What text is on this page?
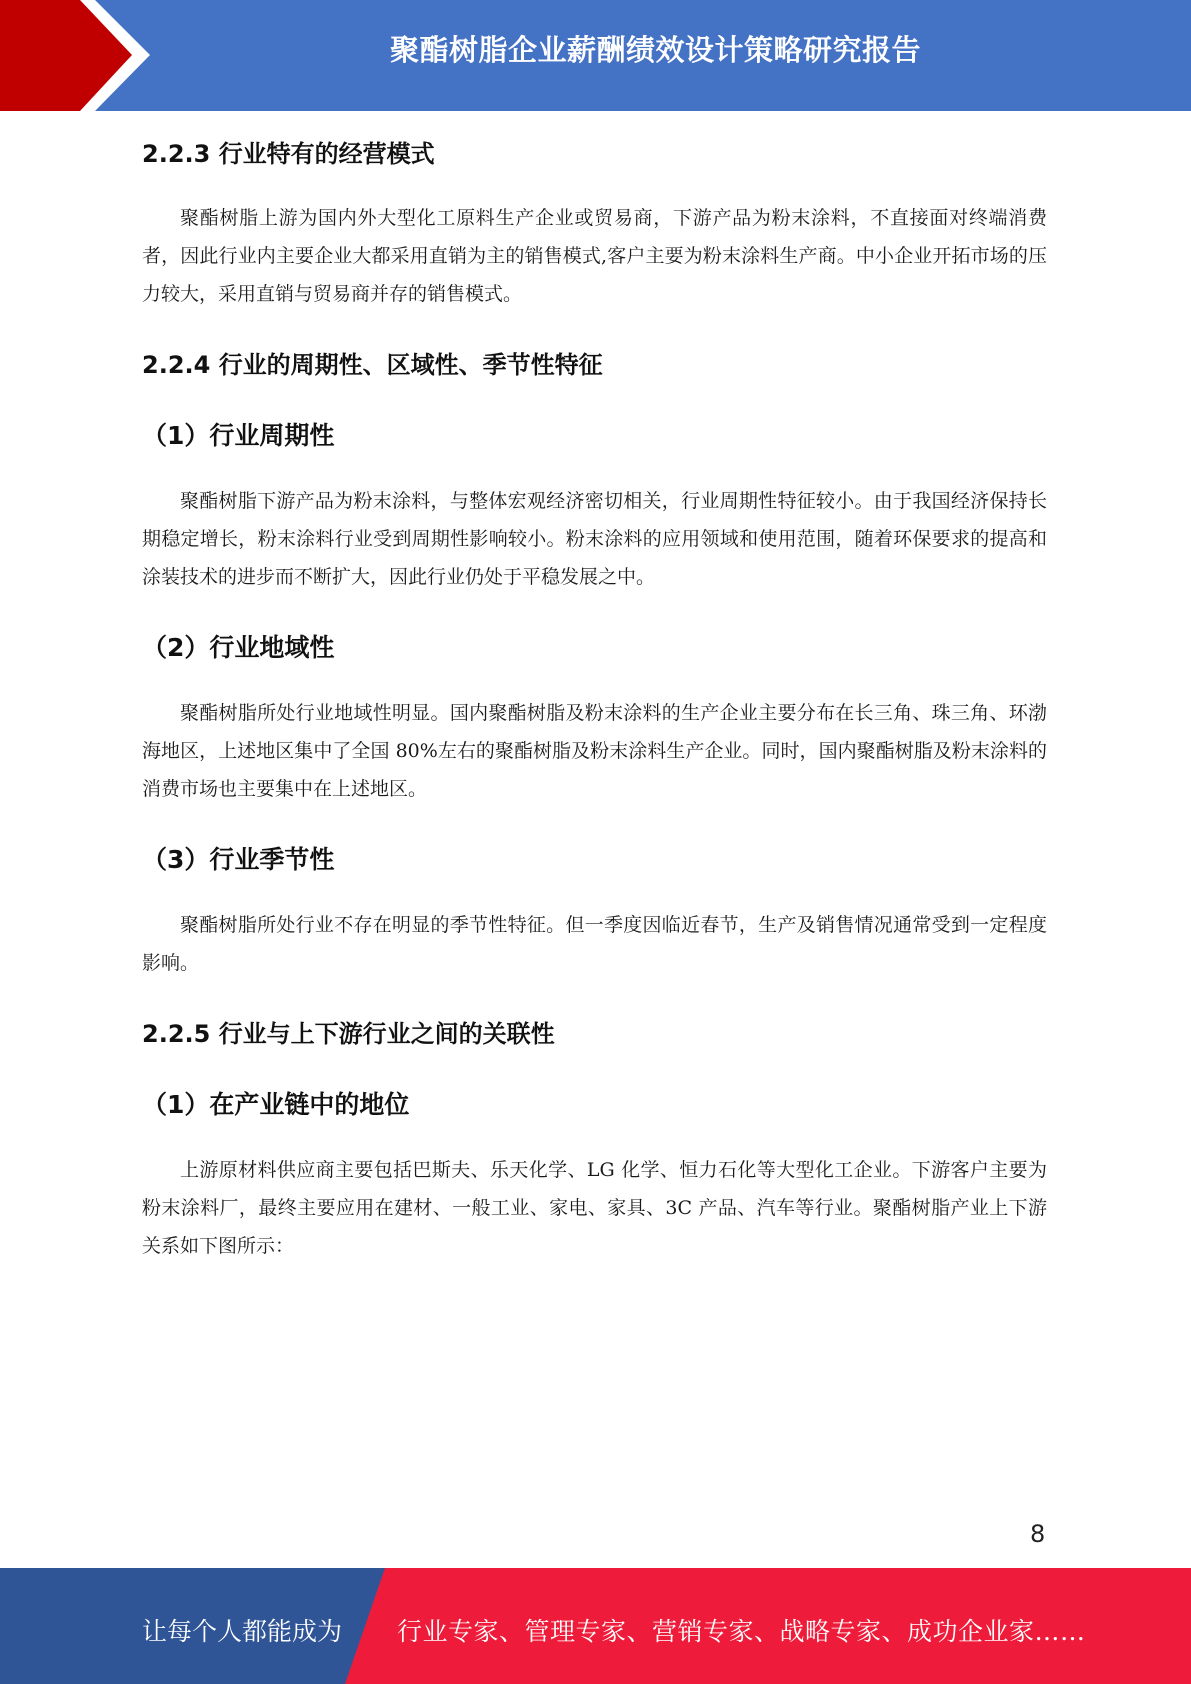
聚酯树脂企业薪酬绩效设计策略研究报告
2.2.3 行业特有的经营模式

聚酯树脂上游为国内外大型化工原料生产企业或贸易商，下游产品为粉末涂料，不直接面对终端消费者，因此行业内主要企业大都采用直销为主的销售模式,客户主要为粉末涂料生产商。中小企业开拓市场的压力较大，采用直销与贸易商并存的销售模式。

2.2.4 行业的周期性、区域性、季节性特征
（1）行业周期性

聚酯树脂下游产品为粉末涂料，与整体宏观经济密切相关，行业周期性特征较小。由于我国经济保持长期稳定增长，粉末涂料行业受到周期性影响较小。粉末涂料的应用领域和使用范围，随着环保要求的提高和涂装技术的进步而不断扩大，因此行业仍处于平稳发展之中。

（2）行业地域性

聚酯树脂所处行业地域性明显。国内聚酯树脂及粉末涂料的生产企业主要分布在长三角、珠三角、环渤海地区，上述地区集中了全国 80%左右的聚酯树脂及粉末涂料生产企业。同时，国内聚酯树脂及粉末涂料的消费市场也主要集中在上述地区。

（3）行业季节性

聚酯树脂所处行业不存在明显的季节性特征。但一季度因临近春节，生产及销售情况通常受到一定程度影响。

2.2.5 行业与上下游行业之间的关联性
（1）在产业链中的地位

上游原材料供应商主要包括巴斯夫、乐天化学、LG 化学、恒力石化等大型化工企业。下游客户主要为粉末涂料厂，最终主要应用在建材、一般工业、家电、家具、3C 产品、汽车等行业。聚酯树脂产业上下游关系如下图所示：

8
让每个人都能成为 行业专家、管理专家、营销专家、战略专家、成功企业家……
